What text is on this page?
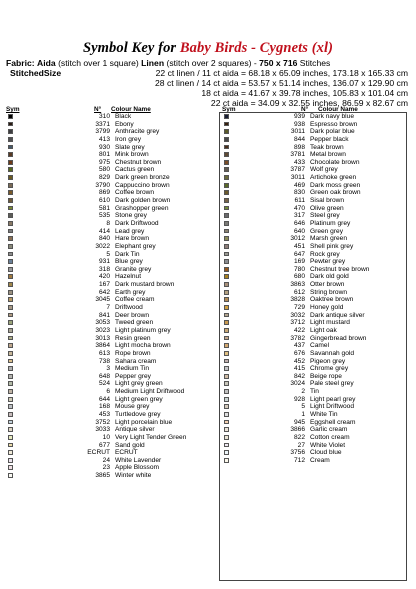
Symbol Key for Baby Birds - Cygnets (xl)
Fabric: Aida (stitch over 1 square) Linen (stitch over 2 squares) - 750 x 716 Stitches
StitchedSize	22 ct linen / 11 ct aida = 68.18 x 65.09 inches, 173.18 x 165.33 cm
28 ct linen / 14 ct aida = 53.57 x 51.14 inches, 136.07 x 129.90 cm
18 ct aida = 41.67 x 39.78 inches, 105.83 x 101.04 cm
22 ct aida = 34.09 x 32.55 inches, 86.59 x 82.67 cm
Sym	N° Colour Name	Sym	N° Colour Name
310 Black
3371 Ebony
3799 Anthracite grey
413 Iron grey
930 Slate grey
801 Mink brown
975 Chestnut brown
580 Cactus green
829 Dark green bronze
3790 Cappuccino brown
869 Coffee brown
610 Dark golden brown
581 Grashopper green
535 Stone grey
8 Dark Driftwood
414 Lead grey
840 Hare brown
3022 Elephant grey
5 Dark Tin
931 Blue grey
318 Granite grey
420 Hazelnut
167 Dark mustard brown
642 Earth grey
3045 Coffee cream
7 Driftwood
841 Deer brown
3053 Tweed green
3023 Light platinum grey
3013 Resin green
3864 Light mocha brown
613 Rope brown
738 Sahara cream
3 Medium Tin
648 Pepper grey
524 Light grey green
6 Medium Light Driftwood
644 Light green grey
168 Mouse grey
453 Turtledove grey
3752 Light porcelain blue
3033 Antique silver
10 Very Light Tender Green
677 Sand gold
ECRUT ECRUT
24 White Lavender
23 Apple Blossom
3865 Winter white
939 Dark navy blue
938 Espresso brown
3011 Dark polar blue
844 Pepper black
898 Teak brown
3781 Metal brown
433 Chocolate brown
3787 Wolf grey
3011 Artichoke green
469 Dark moss green
830 Green oak brown
611 Sisal brown
470 Olive green
317 Steel grey
646 Platinum grey
640 Green grey
3012 Marsh green
451 Shell pink grey
647 Rock grey
169 Pewter grey
780 Chestnut tree brown
680 Dark old gold
3863 Otter brown
612 String brown
3828 Oaktree brown
729 Honey gold
3032 Dark antique silver
3712 Light mustard
422 Light oak
3782 Gingerbread brown
437 Camel
676 Savannah gold
452 Pigeon grey
415 Chrome grey
842 Beige rope
3024 Pale steel grey
2 Tin
928 Light pearl grey
5 Light Driftwood
1 White Tin
945 Eggshell cream
3866 Garlic cream
822 Cotton cream
27 White Violet
3756 Cloud blue
712 Cream
